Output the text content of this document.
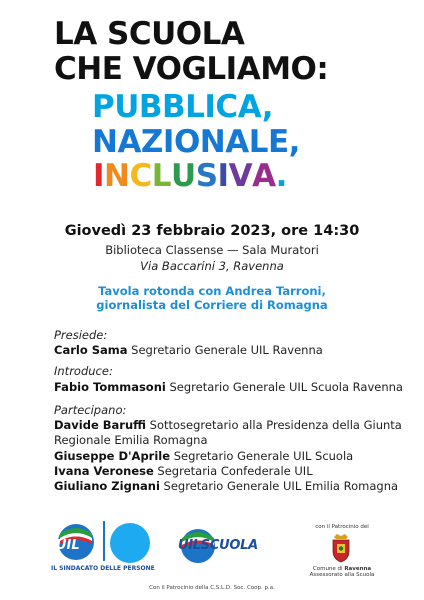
LA SCUOLA
CHE VOGLIAMO:
PUBBLICA,
NAZIONALE,
INCLUSIVA.
Giovedì 23 febbraio 2023, ore 14:30
Biblioteca Classense — Sala Muratori
Via Baccarini 3, Ravenna
Tavola rotonda con Andrea Tarroni,
giornalista del Corriere di Romagna
Presiede:
Carlo Sama Segretario Generale UIL Ravenna
Introduce:
Fabio Tommasoni Segretario Generale UIL Scuola Ravenna
Partecipano:
Davide Baruffi Sottosegretario alla Presidenza della Giunta
Regionale Emilia Romagna
Giuseppe D'Aprile Segretario Generale UIL Scuola
Ivana Veronese Segretaria Confederale UIL
Giuliano Zignani Segretario Generale UIL Emilia Romagna
UIL
IL SINDACATO DELLE PERSONE
UILSCUOLA
con il Patrocinio del
Comune di Ravenna
Assessorato alla Scuola
Con il Patrocinio della C.S.L.D. Soc. Coop. p.a.
